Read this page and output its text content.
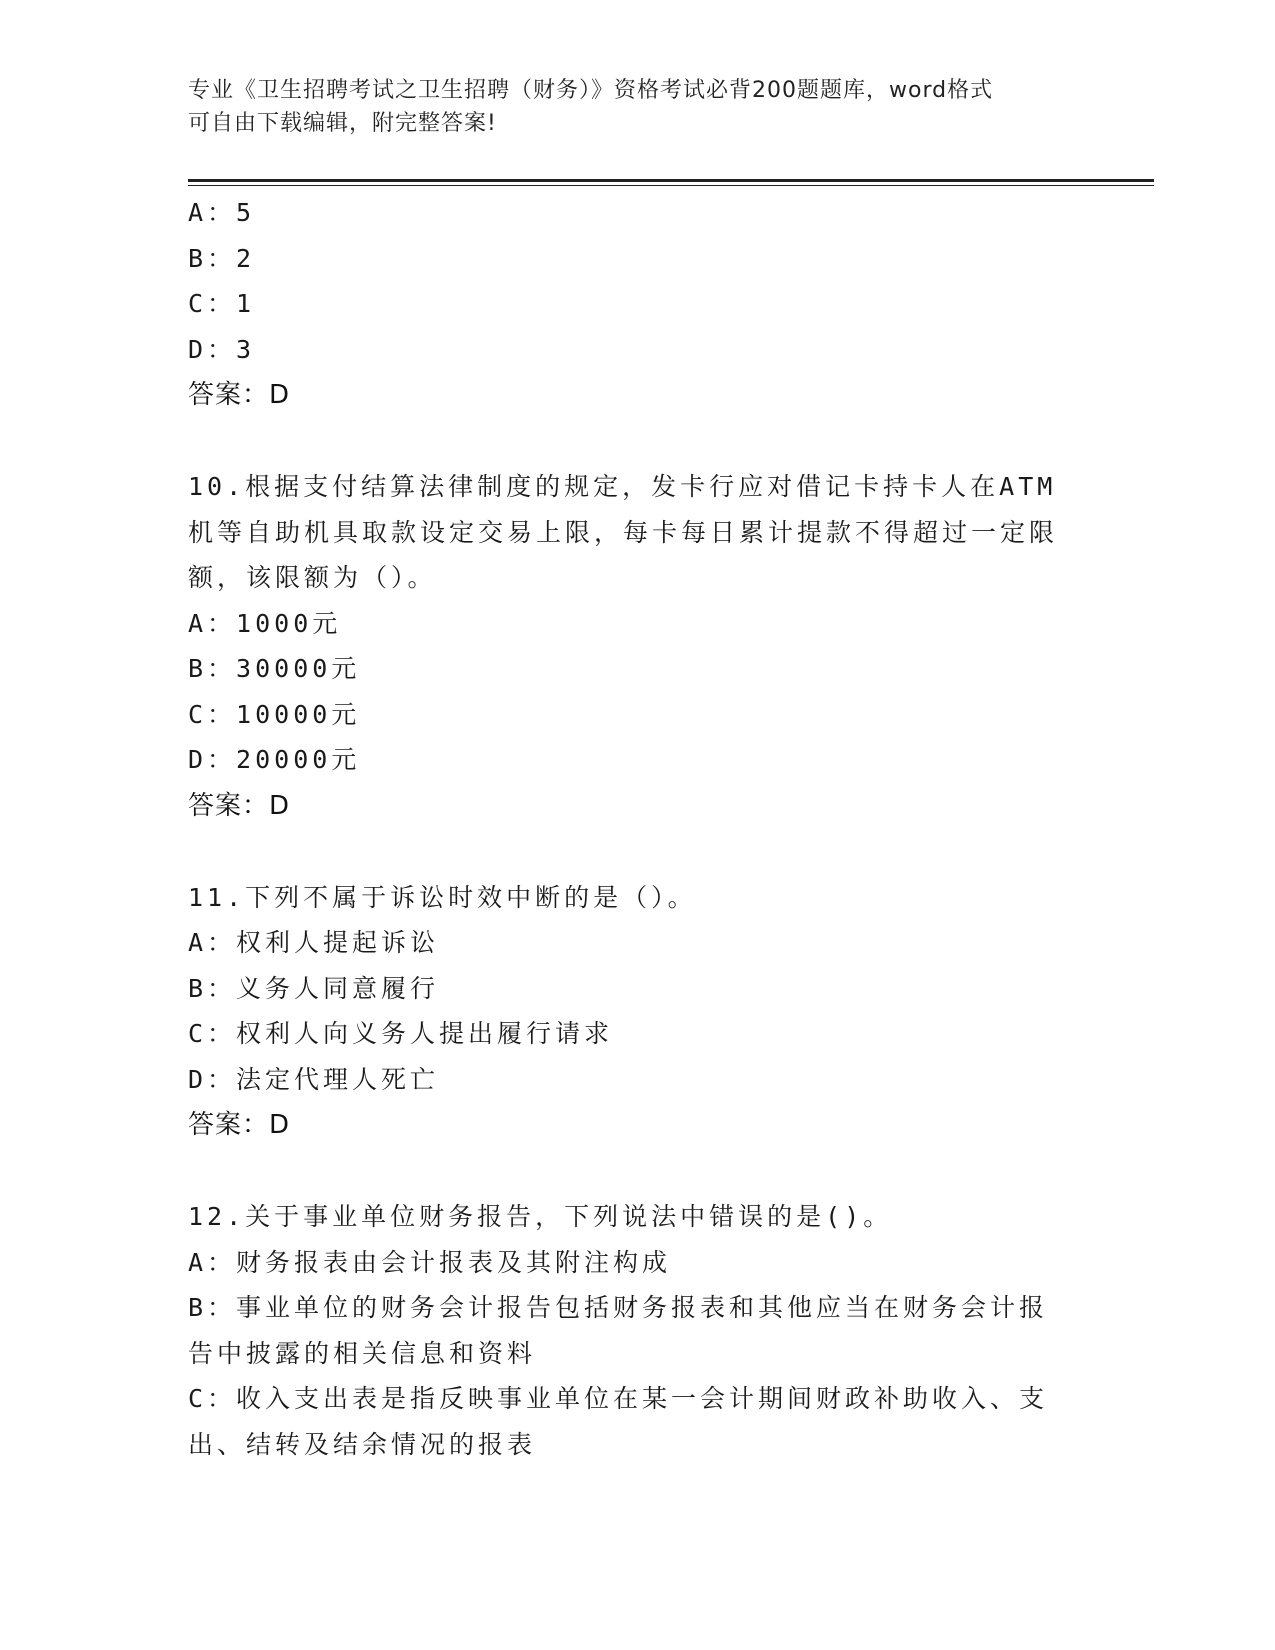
专业《卫生招聘考试之卫生招聘（财务）》资格考试必背200题题库，word格式
可自由下载编辑，附完整答案!
A：5
B：2
C：1
D：3
答案：D
10.根据支付结算法律制度的规定，发卡行应对借记卡持卡人在ATM机等自助机具取款设定交易上限，每卡每日累计提款不得超过一定限额，该限额为（）。
A：1000元
B：30000元
C：10000元
D：20000元
答案：D
11.下列不属于诉讼时效中断的是（）。
A：权利人提起诉讼
B：义务人同意履行
C：权利人向义务人提出履行请求
D：法定代理人死亡
答案：D
12.关于事业单位财务报告，下列说法中错误的是()。
A：财务报表由会计报表及其附注构成
B：事业单位的财务会计报告包括财务报表和其他应当在财务会计报告中披露的相关信息和资料
C：收入支出表是指反映事业单位在某一会计期间财政补助收入、支出、结转及结余情况的报表
